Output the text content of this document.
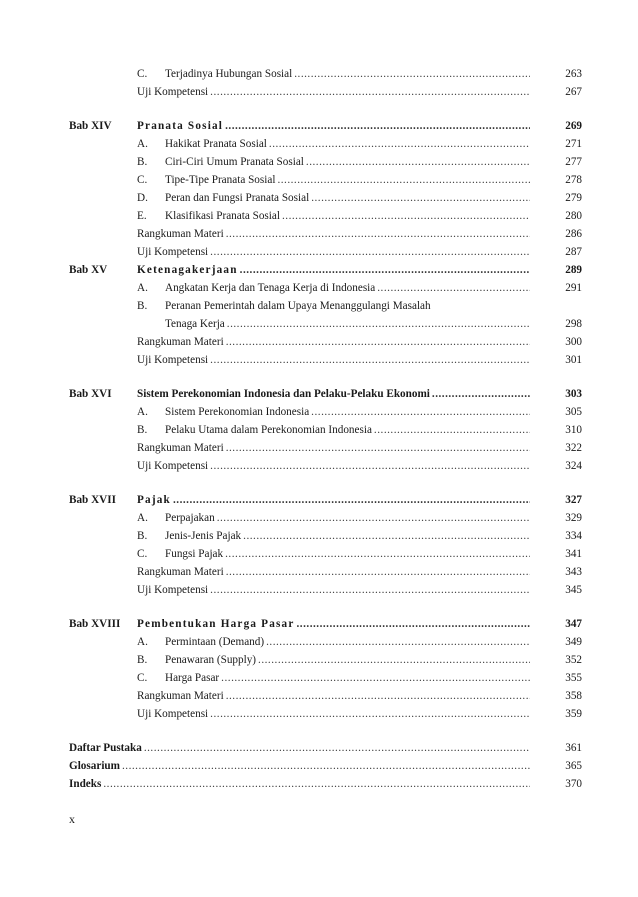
C.	Terjadinya Hubungan Sosial .....	263
Uji Kompetensi .....	267
Bab XIV Pranata Sosial .....	269
A.	Hakikat Pranata Sosial .....	271
B.	Ciri-Ciri Umum Pranata Sosial .....	277
C.	Tipe-Tipe Pranata Sosial .....	278
D.	Peran dan Fungsi Pranata Sosial .....	279
E.	Klasifikasi Pranata Sosial .....	280
Rangkuman Materi .....	286
Uji Kompetensi .....	287
Bab XV	Ketenagakerjaan .....	289
A.	Angkatan Kerja dan Tenaga Kerja di Indonesia .....	291
B.	Peranan Pemerintah dalam Upaya Menanggulangi Masalah
Tenaga Kerja .....	298
Rangkuman Materi .....	300
Uji Kompetensi .....	301
Bab XVI Sistem Perekonomian Indonesia dan Pelaku-Pelaku Ekonomi .....	303
A.	Sistem Perekonomian Indonesia .....	305
B.	Pelaku Utama dalam Perekonomian Indonesia .....	310
Rangkuman Materi .....	322
Uji Kompetensi .....	324
Bab XVII Pajak .....	327
A.	Perpajakan .....	329
B.	Jenis-Jenis Pajak .....	334
C.	Fungsi Pajak .....	341
Rangkuman Materi .....	343
Uji Kompetensi .....	345
Bab XVIII Pembentukan Harga Pasar .....	347
A.	Permintaan (Demand) .....	349
B.	Penawaran (Supply) .....	352
C.	Harga Pasar .....	355
Rangkuman Materi .....	358
Uji Kompetensi .....	359
Daftar Pustaka .....	361
Glosarium .....	365
Indeks .....	370
x
